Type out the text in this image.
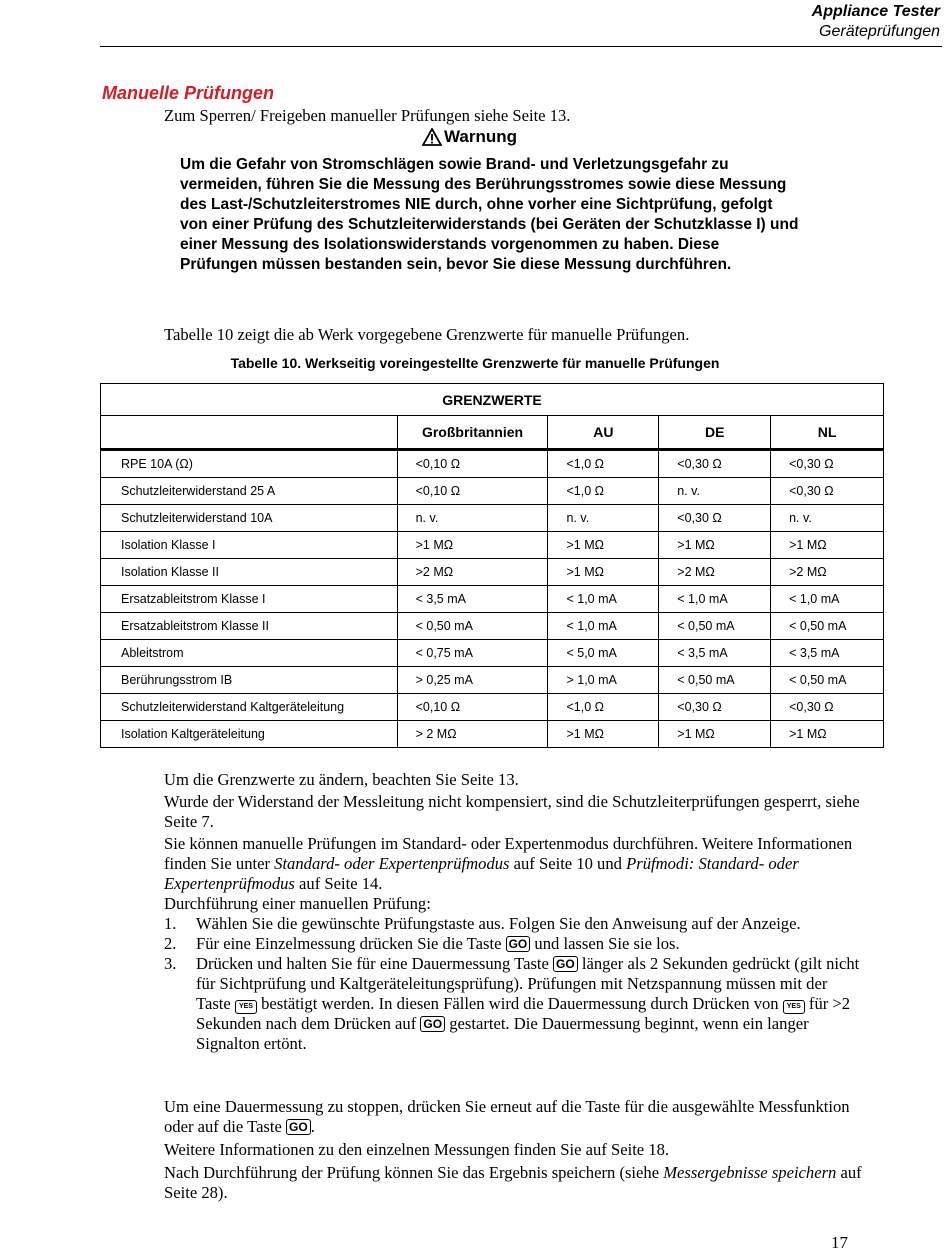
Appliance Tester
Geräteprüfungen
Manuelle Prüfungen
Zum Sperren/ Freigeben manueller Prüfungen siehe Seite 13.
Warnung
Um die Gefahr von Stromschlägen sowie Brand- und Verletzungsgefahr zu vermeiden, führen Sie die Messung des Berührungsstromes sowie diese Messung des Last-/Schutzleiterstromes NIE durch, ohne vorher eine Sichtprüfung, gefolgt von einer Prüfung des Schutzleiterwiderstands (bei Geräten der Schutzklasse I) und einer Messung des Isolationswiderstands vorgenommen zu haben. Diese Prüfungen müssen bestanden sein, bevor Sie diese Messung durchführen.
Tabelle 10 zeigt die ab Werk vorgegebene Grenzwerte für manuelle Prüfungen.
Tabelle 10. Werkseitig voreingestellte Grenzwerte für manuelle Prüfungen
GRENZWERTE				
	Großbritannien	AU	DE	NL
RPE 10A (Ω)	<0,10 Ω	<1,0 Ω	<0,30 Ω	<0,30 Ω
Schutzleiterwiderstand 25 A	<0,10 Ω	<1,0 Ω	n. v.	<0,30 Ω
Schutzleiterwiderstand 10A	n. v.	n. v.	<0,30 Ω	n. v.
Isolation Klasse I	>1 MΩ	>1 MΩ	>1 MΩ	>1 MΩ
Isolation Klasse II	>2 MΩ	>1 MΩ	>2 MΩ	>2 MΩ
Ersatzableitstrom Klasse I	< 3,5 mA	< 1,0 mA	< 1,0 mA	< 1,0 mA
Ersatzableitstrom Klasse II	< 0,50 mA	< 1,0 mA	< 0,50 mA	< 0,50 mA
Ableitstrom	< 0,75 mA	< 5,0 mA	< 3,5 mA	< 3,5 mA
Berührungsstrom IB	> 0,25 mA	> 1,0 mA	< 0,50 mA	< 0,50 mA
Schutzleiterwiderstand Kaltgeräteleitung	<0,10 Ω	<1,0 Ω	<0,30 Ω	<0,30 Ω
Isolation Kaltgeräteleitung	> 2 MΩ	>1 MΩ	>1 MΩ	>1 MΩ
Um die Grenzwerte zu ändern, beachten Sie Seite 13.
Wurde der Widerstand der Messleitung nicht kompensiert, sind die Schutzleiterprüfungen gesperrt, siehe Seite 7.
Sie können manuelle Prüfungen im Standard- oder Expertenmodus durchführen. Weitere Informationen finden Sie unter Standard- oder Expertenprüfmodus auf Seite 10 und Prüfmodi: Standard- oder Expertenprüfmodus auf Seite 14.
Durchführung einer manuellen Prüfung:
1. Wählen Sie die gewünschte Prüfungstaste aus. Folgen Sie den Anweisung auf der Anzeige.
2. Für eine Einzelmessung drücken Sie die Taste GO und lassen Sie sie los.
3. Drücken und halten Sie für eine Dauermessung Taste GO länger als 2 Sekunden gedrückt (gilt nicht für Sichtprüfung und Kaltgeräteleitungsprüfung). Prüfungen mit Netzspannung müssen mit der Taste YES bestätigt werden. In diesen Fällen wird die Dauermessung durch Drücken von YES für >2 Sekunden nach dem Drücken auf GO gestartet. Die Dauermessung beginnt, wenn ein langer Signalton ertönt.
Um eine Dauermessung zu stoppen, drücken Sie erneut auf die Taste für die ausgewählte Messfunktion oder auf die Taste GO .
Weitere Informationen zu den einzelnen Messungen finden Sie auf Seite 18.
Nach Durchführung der Prüfung können Sie das Ergebnis speichern (siehe Messergebnisse speichern auf Seite 28).
17
